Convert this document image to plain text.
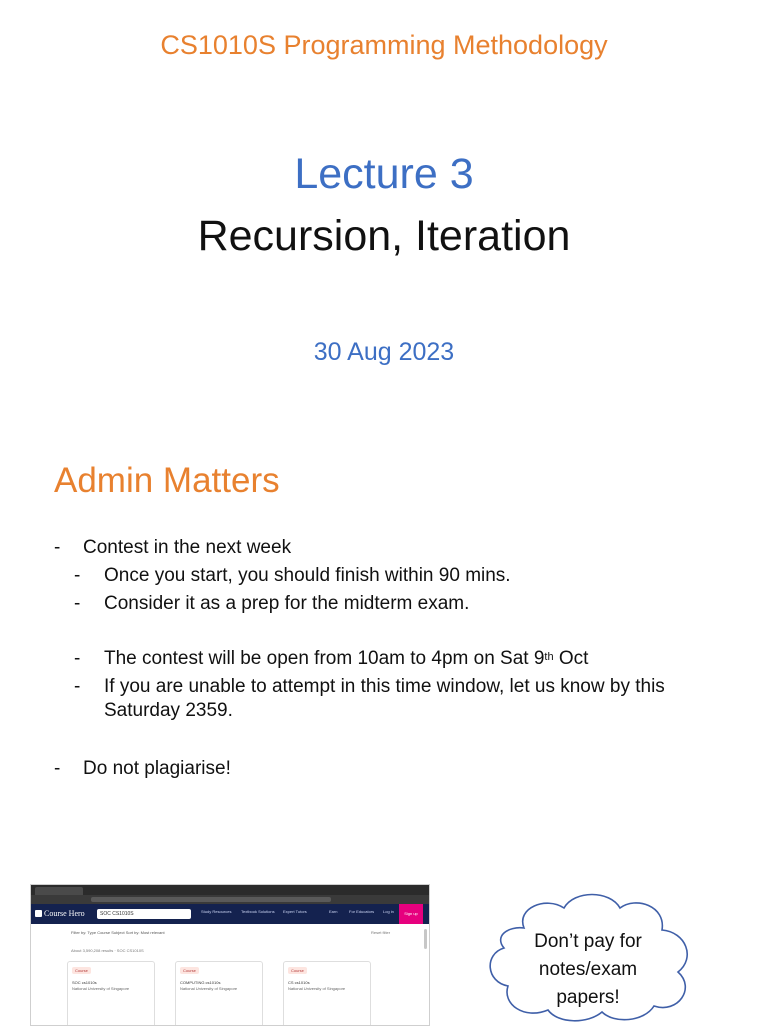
CS1010S Programming Methodology
Lecture 3
Recursion, Iteration
30 Aug 2023
Admin Matters
-	Contest in the next week
-	Once you start, you should finish within 90 mins.
-	Consider it as a prep for the midterm exam.
-	The contest will be open from 10am to 4pm on Sat 9th Oct
-	If you are unable to attempt in this time window, let us know by this Saturday 2359.
-	Do not plagiarise!
Course Hero	SOC CS1010S	Study Resources Textbook Solutions Expert Tutors	Earn	For Educators Log in	Sign up
Filter by: Type Course Subject Sort by: Most relevant	Reset filter
About 3,590,208 results · SOC CS1010S
Course
SOC cs1010s
National University of Singapore
Course
COMPUTING cs1010s
National University of Singapore
Course
CS cs1010s
National University of Singapore
Don’t pay for
notes/exam
papers!
